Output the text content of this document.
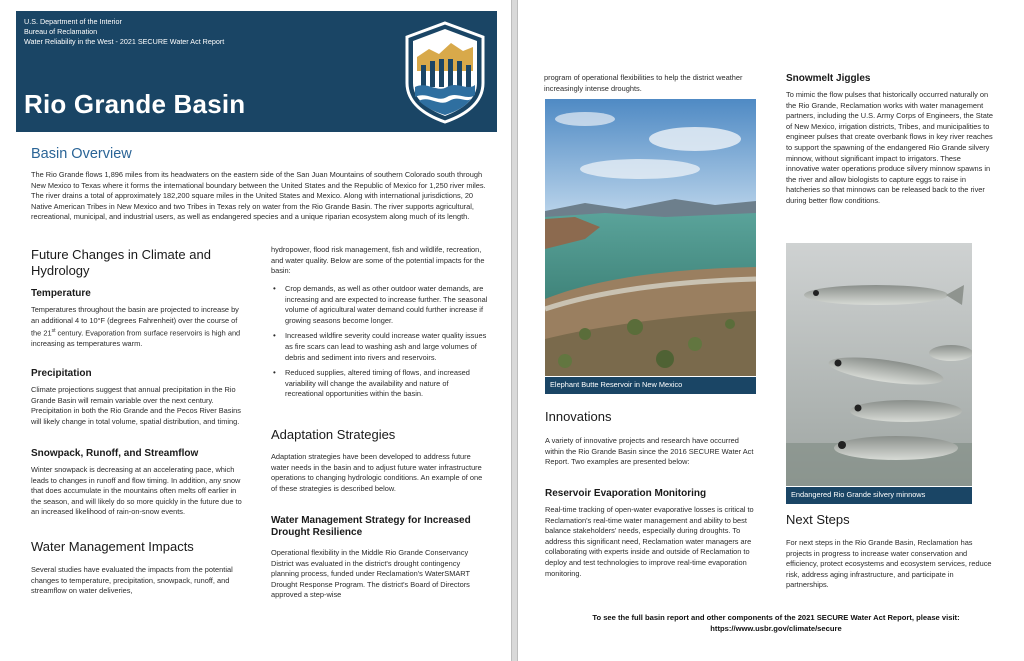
U.S. Department of the Interior
Bureau of Reclamation
Water Reliability in the West - 2021 SECURE Water Act Report
Rio Grande Basin
Basin Overview

The Rio Grande flows 1,896 miles from its headwaters on the eastern side of the San Juan Mountains of southern Colorado south through New Mexico to Texas where it forms the international boundary between the United States and the Republic of Mexico for 1,250 river miles. The river drains a total of approximately 182,200 square miles in the United States and Mexico. Along with international jurisdictions, 20 Native American Tribes in New Mexico and two Tribes in Texas rely on water from the Rio Grande Basin. The river supports agricultural, recreational, municipal, and industrial users, as well as endangered species and a unique riparian ecosystem along much of its length.

Future Changes in Climate and
Hydrology
Temperature

Temperatures throughout the basin are projected to increase by an additional 4 to 10°F (degrees Fahrenheit) over the course of the 21st century. Evaporation from surface reservoirs is high and increasing as temperatures warm.

Precipitation

Climate projections suggest that annual precipitation in the Rio Grande Basin will remain variable over the next century. Precipitation in both the Rio Grande and the Pecos River Basins will likely change in total volume, spatial distribution, and timing.

Snowpack, Runoff, and Streamflow

Winter snowpack is decreasing at an accelerating pace, which leads to changes in runoff and flow timing. In addition, any snow that does accumulate in the mountains often melts off earlier in the season, and will likely do so more quickly in the future due to an increased likelihood of rain-on-snow events.

Water Management Impacts

Several studies have evaluated the impacts from the potential changes to temperature, precipitation, snowpack, runoff, and streamflow on water deliveries,

hydropower, flood risk management, fish and wildlife, recreation, and water quality. Below are some of the potential impacts for the basin:

• Crop demands, as well as other outdoor water demands, are increasing and are expected to increase further. The seasonal volume of agricultural water demand could further increase if growing seasons become longer.
• Increased wildfire severity could increase water quality issues as fire scars can lead to washing ash and large volumes of debris and sediment into rivers and reservoirs.
• Reduced supplies, altered timing of flows, and increased variability will change the availability and nature of recreational opportunities within the basin.
Adaptation Strategies

Adaptation strategies have been developed to address future water needs in the basin and to adjust future water infrastructure operations to changing hydrologic conditions. An example of one of these strategies is described below.

Water Management Strategy for Increased
Drought Resilience

Operational flexibility in the Middle Rio Grande Conservancy District was evaluated in the district's drought contingency planning process, funded under Reclamation's WaterSMART Drought Response Program. The district's Board of Directors approved a step-wise

program of operational flexibilities to help the district weather increasingly intense droughts.

Elephant Butte Reservoir in New Mexico
Innovations

A variety of innovative projects and research have occurred within the Rio Grande Basin since the 2016 SECURE Water Act Report. Two examples are presented below:

Reservoir Evaporation Monitoring

Real-time tracking of open-water evaporative losses is critical to Reclamation's real-time water management and ability to best balance stakeholders' needs, especially during droughts. To address this significant need, Reclamation water managers are collaborating with experts inside and outside of Reclamation to deploy and test technologies to improve real-time evaporation monitoring.

Snowmelt Jiggles

To mimic the flow pulses that historically occurred naturally on the Rio Grande, Reclamation works with water management partners, including the U.S. Army Corps of Engineers, the State of New Mexico, irrigation districts, Tribes, and municipalities to engineer pulses that create overbank flows in key river reaches to support the spawning of the endangered Rio Grande silvery minnow, without significant impact to irrigators. These innovative water operations produce silvery minnow spawns in the river and allow biologists to capture eggs to raise in hatcheries so that minnows can be released back to the river during better flow conditions.

Endangered Rio Grande silvery minnows
Next Steps

For next steps in the Rio Grande Basin, Reclamation has projects in progress to increase water conservation and efficiency, protect ecosystems and ecosystem services, reduce risk, address aging infrastructure, and participate in partnerships.

To see the full basin report and other components of the 2021 SECURE Water Act Report, please visit:
https://www.usbr.gov/climate/secure
